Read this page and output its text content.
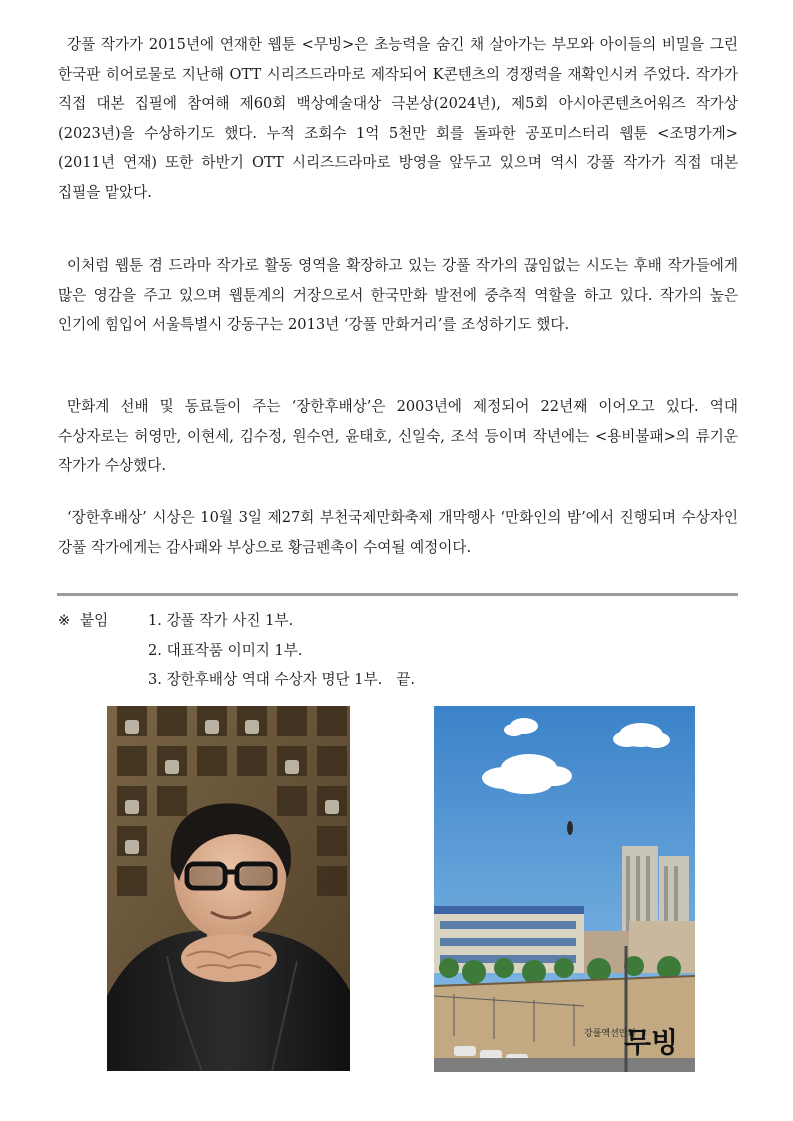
강풀 작가가 2015년에 연재한 웹툰 <무빙>은 초능력을 숨긴 채 살아가는 부모와 아이들의 비밀을 그린 한국판 히어로물로 지난해 OTT 시리즈드라마로 제작되어 K콘텐츠의 경쟁력을 재확인시켜 주었다. 작가가 직접 대본 집필에 참여해 제60회 백상예술대상 극본상(2024년), 제5회 아시아콘텐츠어워즈 작가상(2023년)을 수상하기도 했다. 누적 조회수 1억 5천만 회를 돌파한 공포미스터리 웹툰 <조명가게>(2011년 연재) 또한 하반기 OTT 시리즈드라마로 방영을 앞두고 있으며 역시 강풀 작가가 직접 대본 집필을 맡았다.

이처럼 웹툰 겸 드라마 작가로 활동 영역을 확장하고 있는 강풀 작가의 끊임없는 시도는 후배 작가들에게 많은 영감을 주고 있으며 웹툰계의 거장으로서 한국만화 발전에 중추적 역할을 하고 있다. 작가의 높은 인기에 힘입어 서울특별시 강동구는 2013년 ‘강풀 만화거리’를 조성하기도 했다.

만화계 선배 및 동료들이 주는 ‘장한후배상’은 2003년에 제정되어 22년째 이어오고 있다. 역대 수상자로는 허영만, 이현세, 김수정, 원수연, 윤태호, 신일숙, 조석 등이며 작년에는 <용비불패>의 류기운 작가가 수상했다.

‘장한후배상’ 시상은 10월 3일 제27회 부천국제만화축제 개막행사 ‘만화인의 밤’에서 진행되며 수상자인 강풀 작가에게는 감사패와 부상으로 황금펜촉이 수여될 예정이다.

※ 붙임	1. 강풀 작가 사진 1부.
2. 대표작품 이미지 1부.
3. 장한후배상 역대 수상자 명단 1부. 끝.
강풀액션만화
무빙
